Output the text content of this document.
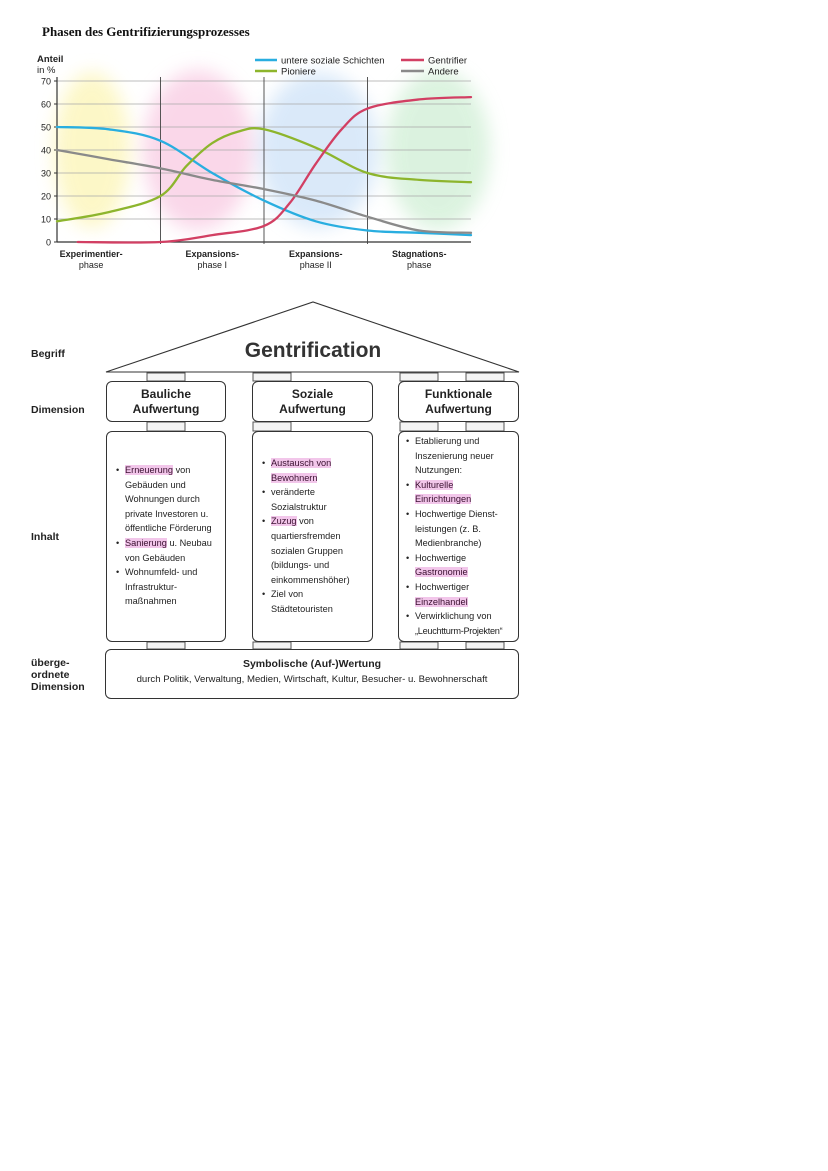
Phasen des Gentrifizierungsprozesses
Anteil
in %
untere soziale Schichten
Pioniere
Gentrifier
Andere
0
10
20
30
40
50
60
70
Experimentier-
phase
Expansions-
phase I
Expansions-
phase II
Stagnations-
phase
Gentrification
Begriff
Dimension
Inhalt
überge-
ordnete
Dimension
Bauliche
Aufwertung
Soziale
Aufwertung
Funktionale
Aufwertung
• Erneuerung von
Gebäuden und
Wohnungen durch
private Investoren u.
öffentliche Förderung
• Sanierung u. Neubau
von Gebäuden
• Wohnumfeld- und
Infrastruktur-
maßnahmen
• Austausch von
Bewohnern
• veränderte
Sozialstruktur
• Zuzug von
quartiersfremden
sozialen Gruppen
(bildungs- und
einkommenshöher)
• Ziel von
Städtetouristen
• Etablierung und
Inszenierung neuer
Nutzungen:
• Kulturelle
Einrichtungen
• Hochwertige Dienst-
leistungen (z. B.
Medienbranche)
• Hochwertige
Gastronomie
• Hochwertiger
Einzelhandel
• Verwirklichung von
„Leuchtturm-Projekten“
Symbolische (Auf-)Wertung
durch Politik, Verwaltung, Medien, Wirtschaft, Kultur, Besucher- u. Bewohnerschaft
